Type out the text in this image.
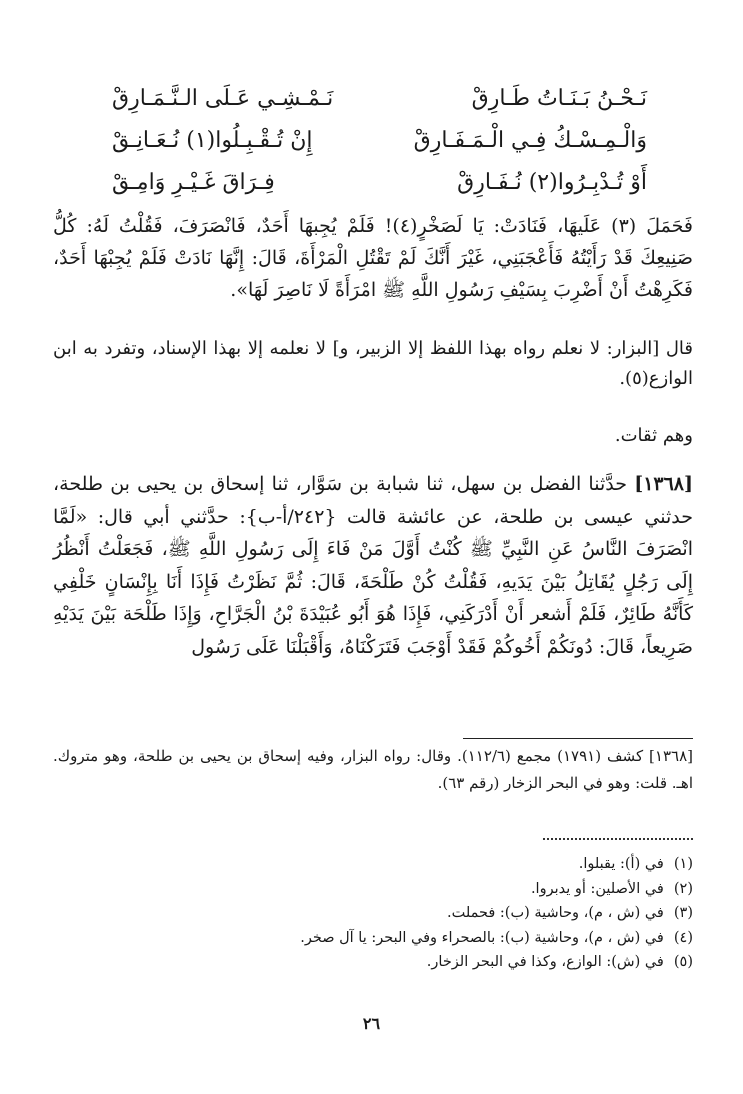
نَـحْـنُ بَـنَـاتُ طَـارِقْ
نَـمْـشِـي عَـلَى الـنَّـمَـارِقْ
وَالْـمِـسْـكُ فِـي الْـمَـفَـارِقْ
إِنْ تُـقْـبِـلُوا(١) نُـعَـانِـقْ
أَوْ تُـدْبِـرُوا(٢) نُـفَـارِقْ
فِـرَاقَ غَـيْـرِ وَامِـقْ

فَحَمَلَ (٣) عَلَيهَا، فَنَادَتْ: يَا لَصَخْرٍ(٤)! فَلَمْ يُجِبهَا أَحَدٌ، فَانْصَرَفَ، فَقُلْتُ لَهُ: كُلُّ صَنِيعِكَ قَدْ رَأَيْتُهُ فَأَعْجَبَنِي، غَيْرَ أَنَّكَ لَمْ تَقْتُلِ الْمَرْأَةَ، قَالَ: إِنَّهَا نَادَتْ فَلَمْ يُجِبْهَا أَحَدٌ، فَكَرِهْتُ أَنْ أَضْرِبَ بِسَيْفِ رَسُولِ اللَّهِ ﷺ امْرَأَةً لَا نَاصِرَ لَهَا».

قال [البزار: لا نعلم رواه بهذا اللفظ إلا الزبير، و] لا نعلمه إلا بهذا الإسناد، وتفرد به ابن الوازع(٥).

وهم ثقات.

[١٣٦٨] حدَّثنا الفضل بن سهل، ثنا شبابة بن سَوَّار، ثنا إسحاق بن يحيى بن طلحة، حدثني عيسى بن طلحة، عن عائشة قالت {٢٤٢/أ-ب}: حدَّثني أبي قال: «لَمَّا انْصَرَفَ النَّاسُ عَنِ النَّبِيِّ ﷺ كُنْتُ أَوَّلَ مَنْ فَاءَ إِلَى رَسُولِ اللَّهِ ﷺ، فَجَعَلْتُ أَنْظُرُ إِلَى رَجُلٍ يُقَاتِلُ بَيْنَ يَدَيهِ، فَقُلْتُ كُنْ طَلْحَةَ، قَالَ: ثُمَّ نَظَرْتُ فَإِذَا أَنَا بِإِنْسَانٍ خَلْفِي كَأَنَّهُ طَائِرٌ، فَلَمْ أَشعر أَنْ أَدْرَكَنِي، فَإِذَا هُوَ أَبُو عُبَيْدَةَ بْنُ الْجَرَّاحِ، وَإِذَا طَلْحَة بَيْنَ يَدَيْهِ صَرِيعاً، قَالَ: دُونَكُمْ أَخُوكُمْ فَقَدْ أَوْجَبَ فَتَرَكْنَاهُ، وَأَقْبَلْنَا عَلَى رَسُول

[١٣٦٨] كشف (١٧٩١) مجمع (١١٢/٦). وقال: رواه البزار، وفيه إسحاق بن يحيى بن طلحة، وهو متروك. اهـ. قلت: وهو في البحر الزخار (رقم ٦٣).

(١)
في (أ): يقبلوا.
(٢)
في الأصلين: أو يدبروا.
(٣)
في (ش ، م)، وحاشية (ب): فحملت.
(٤)
في (ش ، م)، وحاشية (ب): بالصحراء وفي البحر: يا آل صخر.
(٥)
في (ش): الوازع، وكذا في البحر الزخار.
٢٦
